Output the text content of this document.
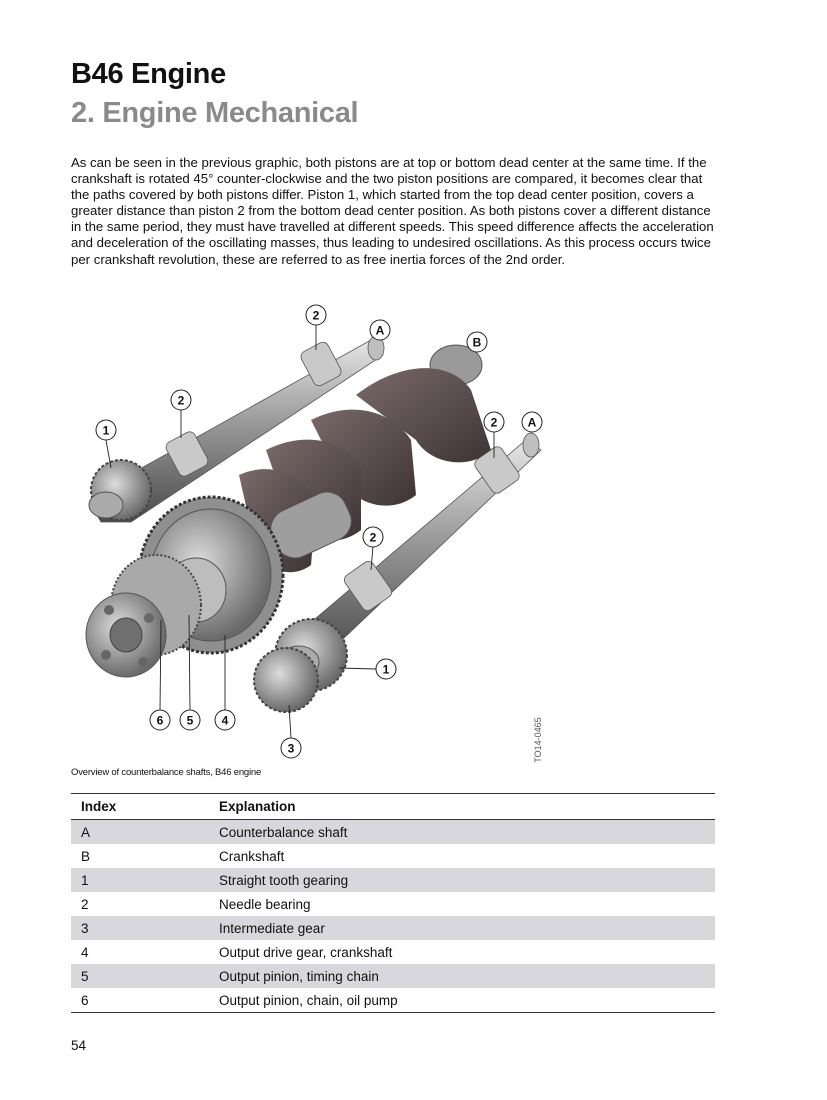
B46 Engine
2. Engine Mechanical

As can be seen in the previous graphic, both pistons are at top or bottom dead center at the same time. If the crankshaft is rotated 45° counter-clockwise and the two piston positions are compared, it becomes clear that the paths covered by both pistons differ. Piston 1, which started from the top dead center position, covers a greater distance than piston 2 from the bottom dead center position. As both pistons cover a different distance in the same period, they must have travelled at different speeds. This speed difference affects the acceleration and deceleration of the oscillating masses, thus leading to undesired oscillations. As this process occurs twice per crankshaft revolution, these are referred to as free inertia forces of the 2nd order.

2
A
B
2
1
2	A
2
1
3
4
5
6	TO14-0465
Overview of counterbalance shafts, B46 engine
Index	Explanation
A	Counterbalance shaft
B	Crankshaft
1	Straight tooth gearing
2	Needle bearing
3	Intermediate gear
4	Output drive gear, crankshaft
5	Output pinion, timing chain
6	Output pinion, chain, oil pump
54
